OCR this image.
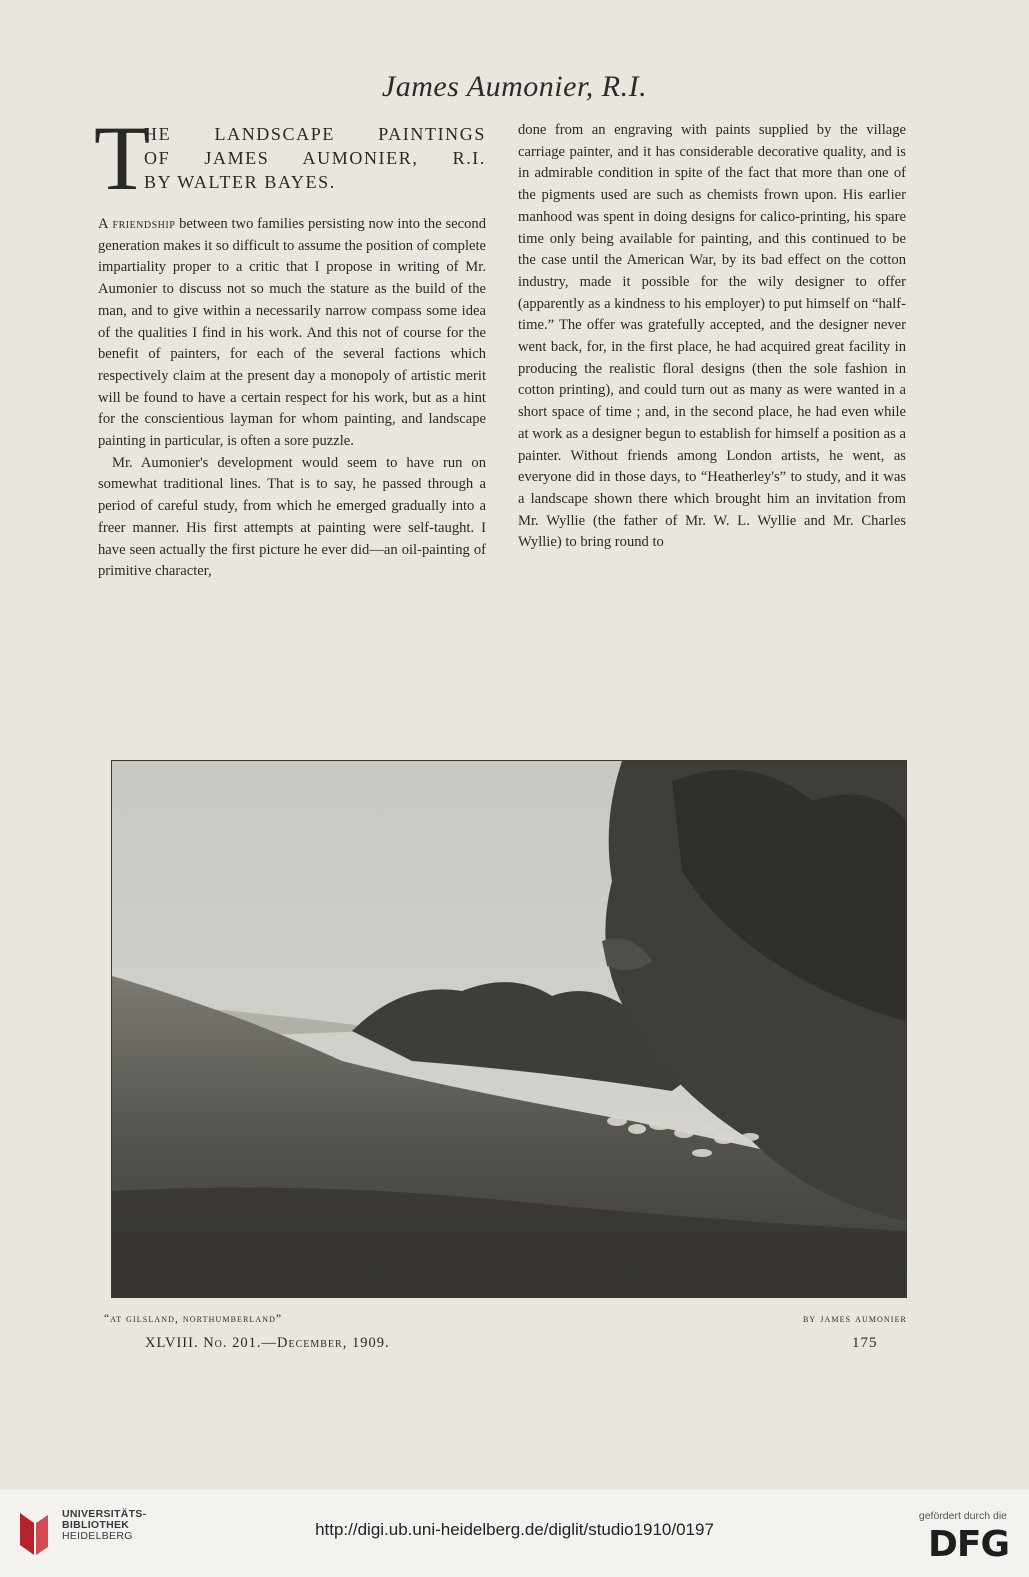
James Aumonier, R.I.
T
HE LANDSCAPE PAINTINGS
OF JAMES AUMONIER, R.I.
BY WALTER BAYES.

A friendship between two families persisting now into the second generation makes it so difficult to assume the position of complete impartiality proper to a critic that I propose in writing of Mr. Aumonier to discuss not so much the stature as the build of the man, and to give within a necessarily narrow compass some idea of the qualities I find in his work. And this not of course for the benefit of painters, for each of the several factions which respectively claim at the present day a monopoly of artistic merit will be found to have a certain respect for his work, but as a hint for the conscientious layman for whom painting, and landscape painting in particular, is often a sore puzzle.

Mr. Aumonier's development would seem to have run on somewhat traditional lines. That is to say, he passed through a period of careful study, from which he emerged gradually into a freer manner. His first attempts at painting were self-taught. I have seen actually the first picture he ever did—an oil-painting of primitive character,

done from an engraving with paints supplied by the village carriage painter, and it has considerable decorative quality, and is in admirable condition in spite of the fact that more than one of the pigments used are such as chemists frown upon. His earlier manhood was spent in doing designs for calico-printing, his spare time only being available for painting, and this continued to be the case until the American War, by its bad effect on the cotton industry, made it possible for the wily designer to offer (apparently as a kindness to his employer) to put himself on “half-time.” The offer was gratefully accepted, and the designer never went back, for, in the first place, he had acquired great facility in producing the realistic floral designs (then the sole fashion in cotton printing), and could turn out as many as were wanted in a short space of time ; and, in the second place, he had even while at work as a designer begun to establish for himself a position as a painter. Without friends among London artists, he went, as everyone did in those days, to “Heatherley's” to study, and it was a landscape shown there which brought him an invitation from Mr. Wyllie (the father of Mr. W. L. Wyllie and Mr. Charles Wyllie) to bring round to

“at gilsland, northumberland”	by james aumonier
XLVIII. No. 201.—December, 1909.	175
UNIVERSITÄTS-
BIBLIOTHEK
HEIDELBERG	http://digi.ub.uni-heidelberg.de/diglit/studio1910/0197
gefördert durch die
DFG
